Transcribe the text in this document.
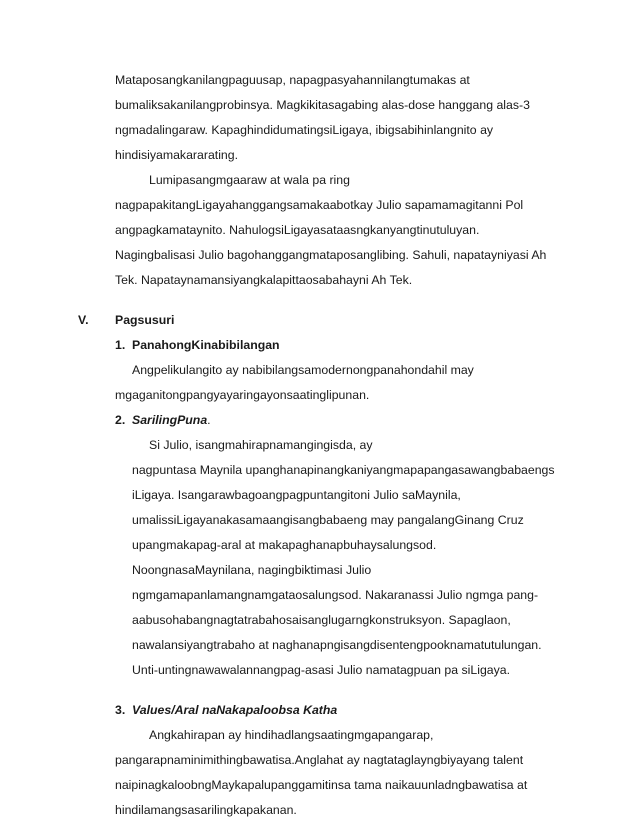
Mataposangkanilangpaguusap, napagpasyahannilangtumakas at
bumaliksakanilangprobinsya. Magkikitasagabing alas-dose hanggang alas-3
ngmadalingaraw. KapaghindidumatingsiLigaya, ibigsabihinlangnito ay
hindisiyamakararating.
Lumipasangmgaaraw at wala pa ring
nagpapakitangLigayahanggangsamakaabotkay Julio sapamamagitanni Pol
angpagkamataynito. NahulogsiLigayasataasngkanyangtinutuluyan.
Nagingbalisasi Julio bagohanggangmataposanglibing. Sahuli, napatayniyasi Ah
Tek. Napataynamansiyangkalapittaosabahayni Ah Tek.
V. Pagsusuri
1. PanahongKinabibilangan
Angpelikulangito ay nabibilangsamodernongpanahondahil may
mgaganitongpangyayaringayonsaatinglipunan.
2. SarilingPuna.
Si Julio, isangmahirapnamangingisda, ay
nagpuntasa Maynila upanghanapinangkaniyangmapapangasawangbabaengs
iLigaya. Isangarawbagoangpagpuntangitoni Julio saMaynila,
umalissiLigayanakasamaangisangbabaeng may pangalangGinang Cruz
upangmakapag-aral at makapaghanapbuhaysalungsod.
NoongnasaMaynilana, nagingbiktimasi Julio
ngmgamapanlamangnamgataosalungsod. Nakaranassi Julio ngmga pang-
aabusohabangnagtatrabahosaisanglugarngkonstruksyon. Sapaglaon,
nawalansiyangtrabaho at naghanapngisangdisentengpooknamatutulungan.
Unti-untingnawawalannangpag-asasi Julio namatagpuan pa siLigaya.
3. Values/Aral naNakapaloobsa Katha
Angkahirapan ay hindihadlangsaatingmgapangarap,
pangarapnaminimithingbawatisa.Anglahat ay nagtataglayngbiyayang talent
naipinagkaloobngMaykapalupanggamitinsa tama naikauunladngbawatisa at
hindilamangsasarilingkapakanan.
